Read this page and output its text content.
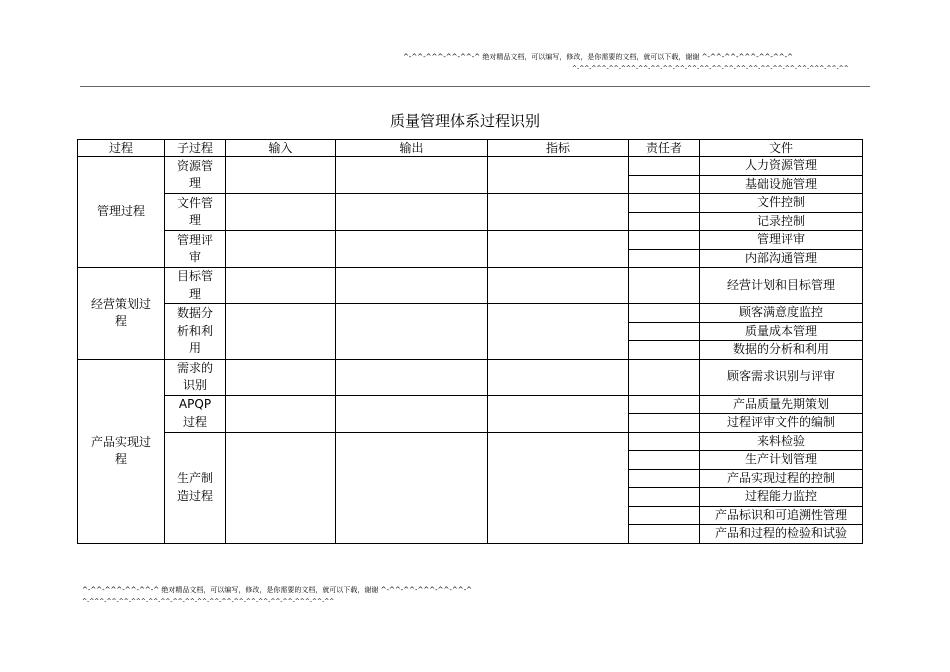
^-^^-^^^-^^-^^-^ 绝对精品文档，可以编写，修改，是你需要的文档，就可以下载，谢谢 ^-^^-^^-^^^-^^-^^-^
^-^^-^^^-^^-^^^-^^-^^-^^-^^-^^-^^-^^-^^-^^-^^-^^-^^-^^-^^-^^^-^^-^^
质量管理体系过程识别
过程	子过程	输入	输出	指标	责任者	文件
管理过程	资源管理					人力资源管理
						基础设施管理
	文件管理					文件控制
						记录控制
	管理评审					管理评审
						内部沟通管理
经营策划过程	目标管理					经营计划和目标管理
	数据分析和利用					顾客满意度监控
						质量成本管理
						数据的分析和利用
产品实现过程	需求的识别					顾客需求识别与评审
	APQP过程					产品质量先期策划
						过程评审文件的编制
	生产制造过程					来料检验
						生产计划管理
						产品实现过程的控制
						过程能力监控
						产品标识和可追溯性管理
						产品和过程的检验和试验
^-^^-^^^-^^-^^-^ 绝对精品文档，可以编写，修改，是你需要的文档，就可以下载，谢谢 ^-^^-^^-^^^-^^-^^-^
^-^^^-^^-^^-^^^-^^-^^-^^-^^-^^-^^-^^-^^-^^-^^-^^-^^-^^^-^^-^^
